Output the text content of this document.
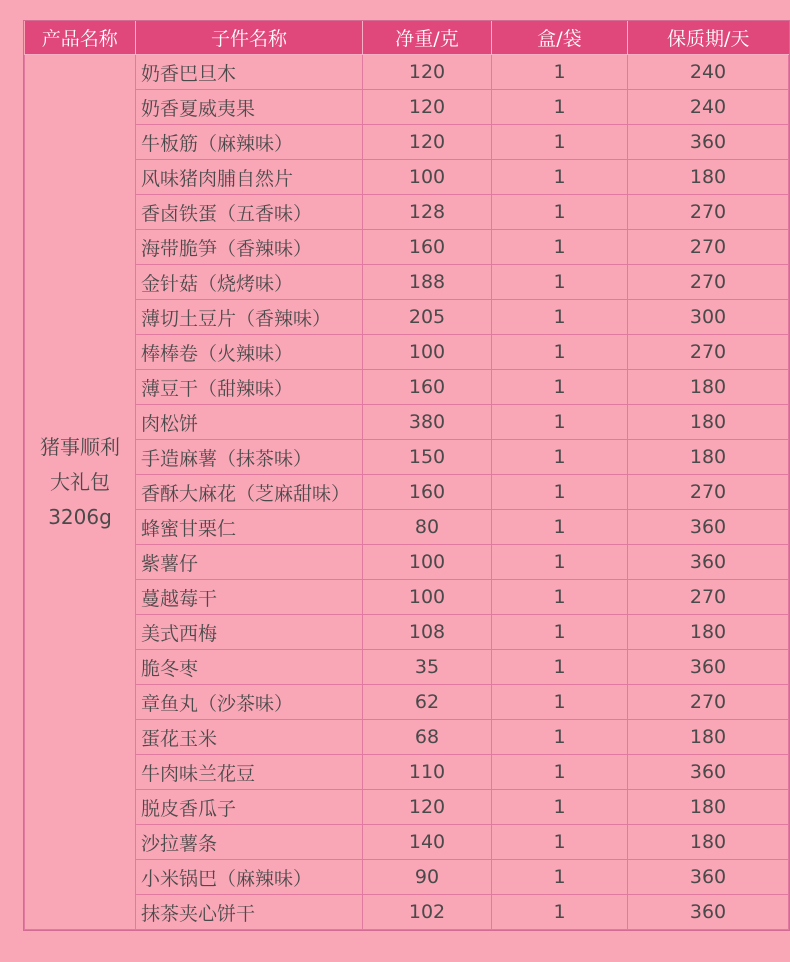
产品名称	子件名称	净重/克	盒/袋	保质期/天

猪事顺利
大礼包
3206g	奶香巴旦木	120	1	240
	奶香夏威夷果	120	1	240
	牛板筋（麻辣味）	120	1	360
	风味猪肉脯自然片	100	1	180
	香卤铁蛋（五香味）	128	1	270
	海带脆笋（香辣味）	160	1	270
	金针菇（烧烤味）	188	1	270
	薄切土豆片（香辣味）	205	1	300
	棒棒卷（火辣味）	100	1	270
	薄豆干（甜辣味）	160	1	180
	肉松饼	380	1	180
	手造麻薯（抹茶味）	150	1	180
	香酥大麻花（芝麻甜味）	160	1	270
	蜂蜜甘栗仁	80	1	360
	紫薯仔	100	1	360
	蔓越莓干	100	1	270
	美式西梅	108	1	180
	脆冬枣	35	1	360
	章鱼丸（沙茶味）	62	1	270
	蛋花玉米	68	1	180
	牛肉味兰花豆	110	1	360
	脱皮香瓜子	120	1	180
	沙拉薯条	140	1	180
	小米锅巴（麻辣味）	90	1	360
	抹茶夹心饼干	102	1	360
